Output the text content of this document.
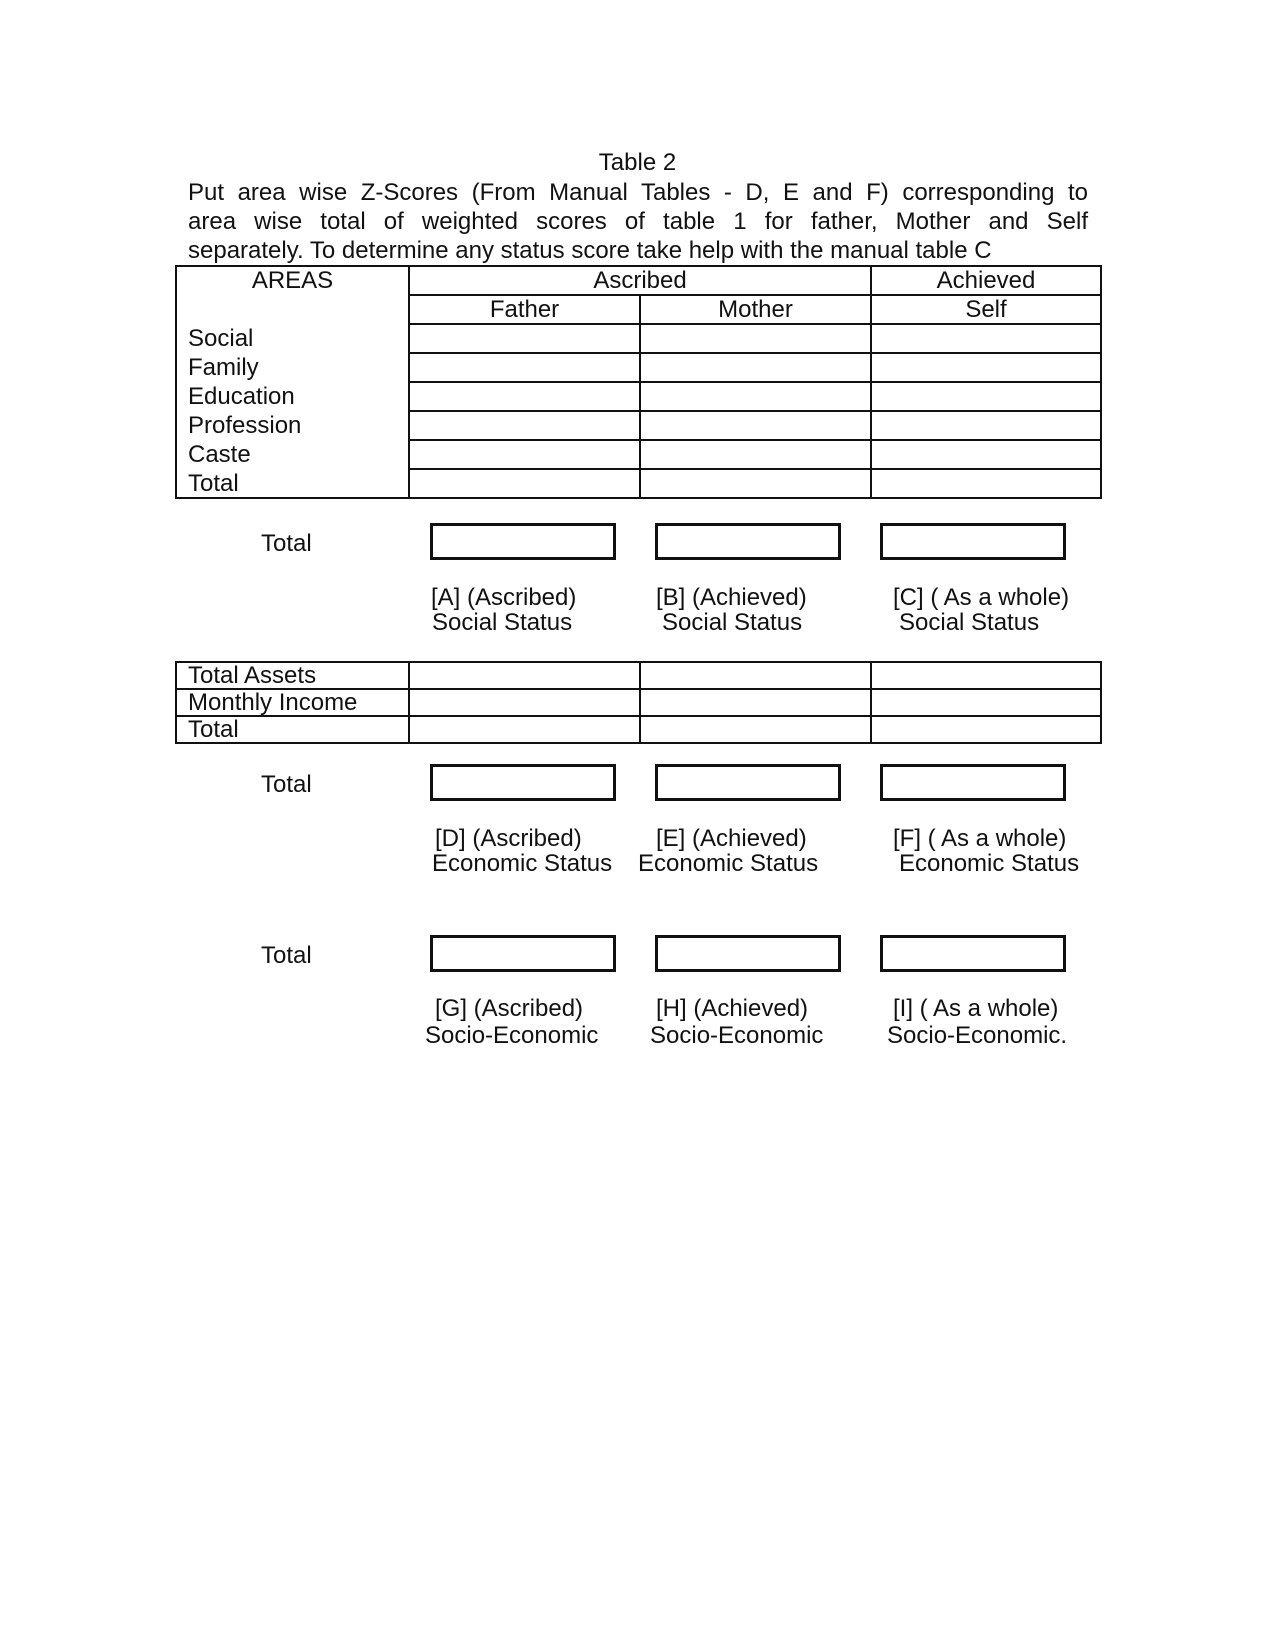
Table 2
Put area wise Z-Scores (From Manual Tables - D, E and F) corresponding to
area wise total of weighted scores of table 1 for father, Mother and Self
separately. To determine any status score take help with the manual table C
AREAS	Ascribed		Achieved
	Father	Mother	Self
Social			
Family			
Education			
Profession			
Caste			
Total			
Total
[A] (Ascribed)
Social Status
[B] (Achieved)
Social Status
[C] ( As a whole)
Social Status
Total Assets			
Monthly Income			
Total			
Total
[D] (Ascribed)
Economic Status
[E] (Achieved)
Economic Status
[F] ( As a whole)
Economic Status
Total
[G] (Ascribed)
Socio-Economic
[H] (Achieved)
Socio-Economic
[I] ( As a whole)
Socio-Economic.
